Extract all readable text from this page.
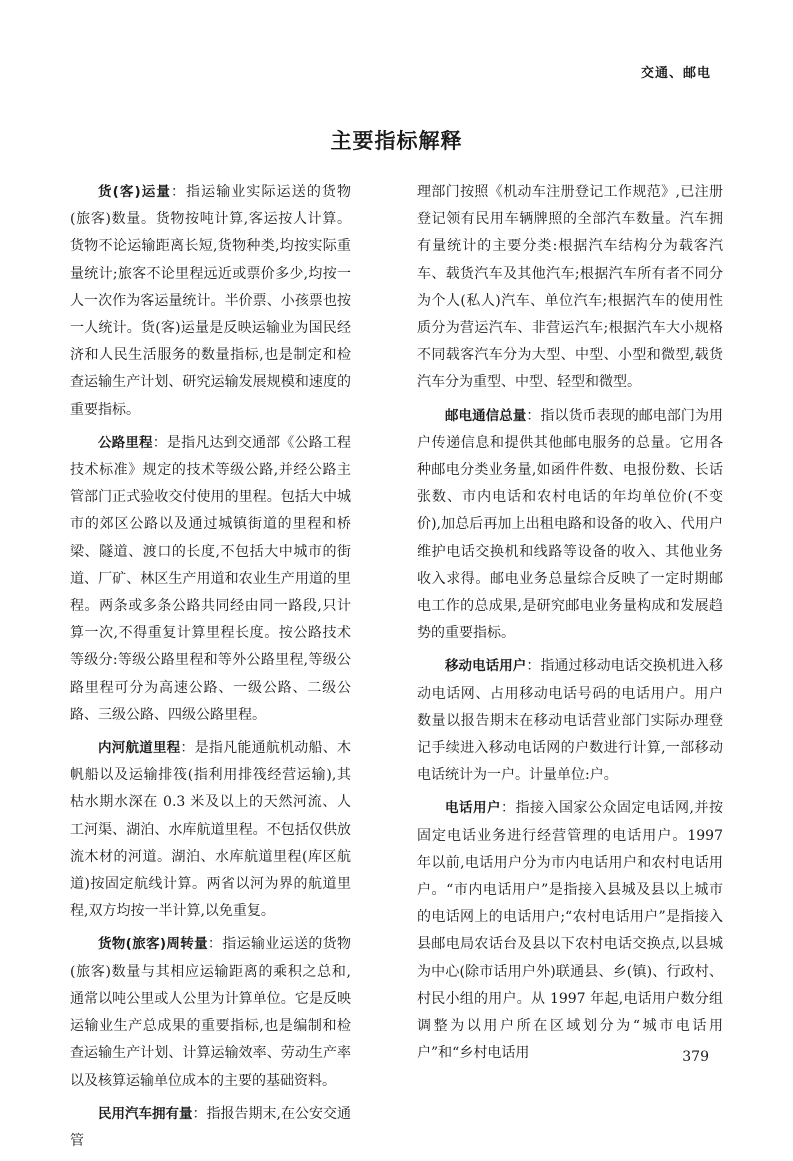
交通、邮电
主要指标解释

货(客)运量：指运输业实际运送的货物(旅客)数量。货物按吨计算,客运按人计算。货物不论运输距离长短,货物种类,均按实际重量统计;旅客不论里程远近或票价多少,均按一人一次作为客运量统计。半价票、小孩票也按一人统计。货(客)运量是反映运输业为国民经济和人民生活服务的数量指标,也是制定和检查运输生产计划、研究运输发展规模和速度的重要指标。

公路里程：是指凡达到交通部《公路工程技术标准》规定的技术等级公路,并经公路主管部门正式验收交付使用的里程。包括大中城市的郊区公路以及通过城镇街道的里程和桥梁、隧道、渡口的长度,不包括大中城市的街道、厂矿、林区生产用道和农业生产用道的里程。两条或多条公路共同经由同一路段,只计算一次,不得重复计算里程长度。按公路技术等级分:等级公路里程和等外公路里程,等级公路里程可分为高速公路、一级公路、二级公路、三级公路、四级公路里程。

内河航道里程：是指凡能通航机动船、木帆船以及运输排筏(指利用排筏经营运输),其枯水期水深在 0.3 米及以上的天然河流、人工河渠、湖泊、水库航道里程。不包括仅供放流木材的河道。湖泊、水库航道里程(库区航道)按固定航线计算。两省以河为界的航道里程,双方均按一半计算,以免重复。

货物(旅客)周转量：指运输业运送的货物(旅客)数量与其相应运输距离的乘积之总和,通常以吨公里或人公里为计算单位。它是反映运输业生产总成果的重要指标,也是编制和检查运输生产计划、计算运输效率、劳动生产率以及核算运输单位成本的主要的基础资料。

民用汽车拥有量：指报告期末,在公安交通管

理部门按照《机动车注册登记工作规范》,已注册登记领有民用车辆牌照的全部汽车数量。汽车拥有量统计的主要分类:根据汽车结构分为载客汽车、载货汽车及其他汽车;根据汽车所有者不同分为个人(私人)汽车、单位汽车;根据汽车的使用性质分为营运汽车、非营运汽车;根据汽车大小规格不同载客汽车分为大型、中型、小型和微型,载货汽车分为重型、中型、轻型和微型。

邮电通信总量：指以货币表现的邮电部门为用户传递信息和提供其他邮电服务的总量。它用各种邮电分类业务量,如函件件数、电报份数、长话张数、市内电话和农村电话的年均单位价(不变价),加总后再加上出租电路和设备的收入、代用户维护电话交换机和线路等设备的收入、其他业务收入求得。邮电业务总量综合反映了一定时期邮电工作的总成果,是研究邮电业务量构成和发展趋势的重要指标。

移动电话用户：指通过移动电话交换机进入移动电话网、占用移动电话号码的电话用户。用户数量以报告期末在移动电话营业部门实际办理登记手续进入移动电话网的户数进行计算,一部移动电话统计为一户。计量单位:户。

电话用户：指接入国家公众固定电话网,并按固定电话业务进行经营管理的电话用户。1997 年以前,电话用户分为市内电话用户和农村电话用户。“市内电话用户”是指接入县城及县以上城市的电话网上的电话用户;“农村电话用户”是指接入县邮电局农话台及县以下农村电话交换点,以县城为中心(除市话用户外)联通县、乡(镇)、行政村、村民小组的用户。从 1997 年起,电话用户数分组调整为以用户所在区域划分为“城市电话用户”和“乡村电话用	379
